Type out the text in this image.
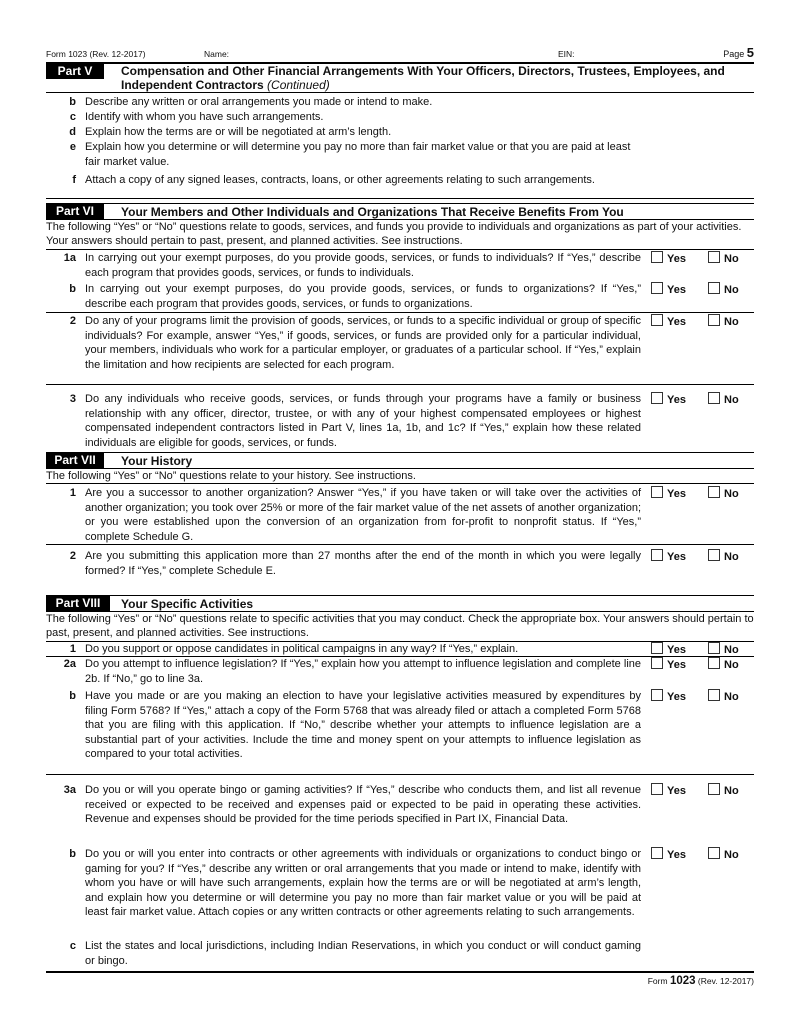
Form 1023 (Rev. 12-2017)	Name:	EIN:	Page 5
Part V	Compensation and Other Financial Arrangements With Your Officers, Directors, Trustees, Employees, and Independent Contractors (Continued)
b Describe any written or oral arrangements you made or intend to make.
c Identify with whom you have such arrangements.
d Explain how the terms are or will be negotiated at arm’s length.
e Explain how you determine or will determine you pay no more than fair market value or that you are paid at least fair market value.
f Attach a copy of any signed leases, contracts, loans, or other agreements relating to such arrangements.
Part VI	Your Members and Other Individuals and Organizations That Receive Benefits From You
The following “Yes” or “No” questions relate to goods, services, and funds you provide to individuals and organizations as part of your activities. Your answers should pertain to past, present, and planned activities. See instructions.
1a In carrying out your exempt purposes, do you provide goods, services, or funds to individuals? If “Yes,” describe each program that provides goods, services, or funds to individuals.
Yes	No
b In carrying out your exempt purposes, do you provide goods, services, or funds to organizations? If “Yes,” describe each program that provides goods, services, or funds to organizations.
Yes	No
2 Do any of your programs limit the provision of goods, services, or funds to a specific individual or group of specific individuals? For example, answer “Yes,” if goods, services, or funds are provided only for a particular individual, your members, individuals who work for a particular employer, or graduates of a particular school. If “Yes,” explain the limitation and how recipients are selected for each program.
Yes	No
3 Do any individuals who receive goods, services, or funds through your programs have a family or business relationship with any officer, director, trustee, or with any of your highest compensated employees or highest compensated independent contractors listed in Part V, lines 1a, 1b, and 1c? If “Yes,” explain how these related individuals are eligible for goods, services, or funds.
Yes	No
Part VII	Your History
The following “Yes” or “No” questions relate to your history. See instructions.
1 Are you a successor to another organization? Answer “Yes,” if you have taken or will take over the activities of another organization; you took over 25% or more of the fair market value of the net assets of another organization; or you were established upon the conversion of an organization from for-profit to nonprofit status. If “Yes,” complete Schedule G.
Yes	No
2 Are you submitting this application more than 27 months after the end of the month in which you were legally formed? If “Yes,” complete Schedule E.
Yes	No
Part VIII	Your Specific Activities
The following “Yes” or “No” questions relate to specific activities that you may conduct. Check the appropriate box. Your answers should pertain to past, present, and planned activities. See instructions.
1 Do you support or oppose candidates in political campaigns in any way? If “Yes,” explain.	Yes	No
2a Do you attempt to influence legislation? If “Yes,” explain how you attempt to influence legislation and complete line 2b. If “No,” go to line 3a.
Yes	No
b Have you made or are you making an election to have your legislative activities measured by expenditures by filing Form 5768? If “Yes,” attach a copy of the Form 5768 that was already filed or attach a completed Form 5768 that you are filing with this application. If “No,” describe whether your attempts to influence legislation are a substantial part of your activities. Include the time and money spent on your attempts to influence legislation as compared to your total activities.
Yes	No
3a Do you or will you operate bingo or gaming activities? If “Yes,” describe who conducts them, and list all revenue received or expected to be received and expenses paid or expected to be paid in operating these activities. Revenue and expenses should be provided for the time periods specified in Part IX, Financial Data.
Yes	No
b Do you or will you enter into contracts or other agreements with individuals or organizations to conduct bingo or gaming for you? If “Yes,” describe any written or oral arrangements that you made or intend to make, identify with whom you have or will have such arrangements, explain how the terms are or will be negotiated at arm’s length, and explain how you determine or will determine you pay no more than fair market value or you will be paid at least fair market value. Attach copies or any written contracts or other agreements relating to such arrangements.
Yes	No
c List the states and local jurisdictions, including Indian Reservations, in which you conduct or will conduct gaming or bingo.
Form 1023 (Rev. 12-2017)
